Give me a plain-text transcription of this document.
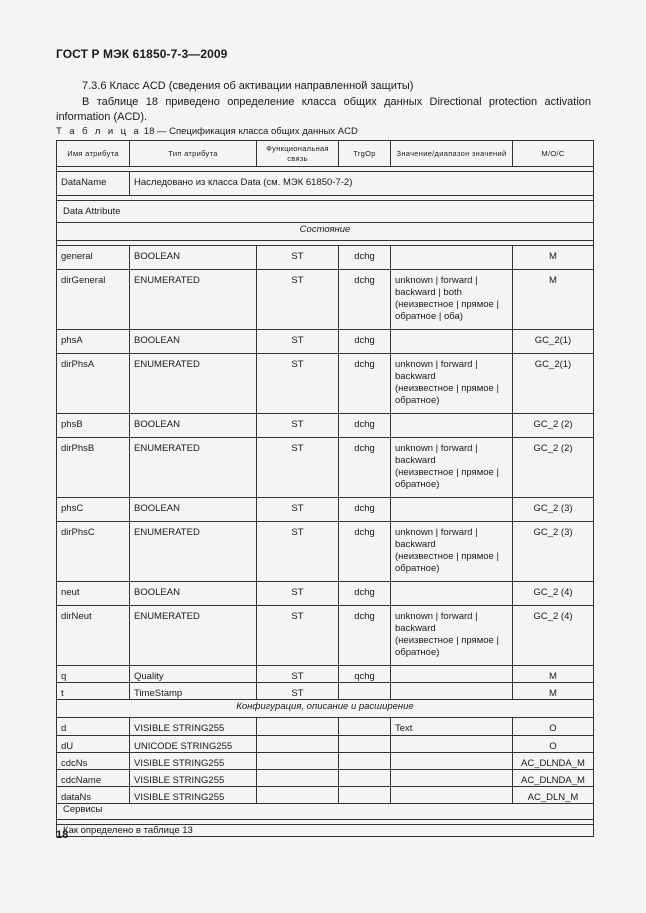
ГОСТ Р МЭК 61850-7-3—2009
7.3.6 Класс ACD (сведения об активации направленной защиты)
В таблице 18 приведено определение класса общих данных Directional protection activation information (ACD).
Т а б л и ц а 18 — Спецификация класса общих данных ACD
Имя атрибута	Тип атрибута	Функциональная связь	TrgOp	Значение/диапазон значений	M/O/C

DataName	Наследовано из класса Data (см. МЭК 61850-7-2)				

Data Attribute					
Состояние					

general	BOOLEAN	ST	dchg		M
dirGeneral	ENUMERATED	ST	dchg	unknown | forward |
backward | both
(неизвестное | прямое |
обратное | оба)	M
phsA	BOOLEAN	ST	dchg		GC_2(1)
dirPhsA	ENUMERATED	ST	dchg	unknown | forward |
backward
(неизвестное | прямое |
обратное)	GC_2(1)
phsB	BOOLEAN	ST	dchg		GC_2 (2)
dirPhsB	ENUMERATED	ST	dchg	unknown | forward |
backward
(неизвестное | прямое |
обратное)	GC_2 (2)
phsC	BOOLEAN	ST	dchg		GC_2 (3)
dirPhsC	ENUMERATED	ST	dchg	unknown | forward |
backward
(неизвестное | прямое |
обратное)	GC_2 (3)
neut	BOOLEAN	ST	dchg		GC_2 (4)
dirNeut	ENUMERATED	ST	dchg	unknown | forward |
backward
(неизвестное | прямое |
обратное)	GC_2 (4)
q	Quality	ST	qchg		M
t	TimeStamp	ST			M
Конфигурация, описание и расширение					
d	VISIBLE STRING255			Text	O
dU	UNICODE STRING255				O
cdcNs	VISIBLE STRING255				AC_DLNDA_M
cdcName	VISIBLE STRING255				AC_DLNDA_M
dataNs	VISIBLE STRING255				AC_DLN_M
Сервисы					

Как определено в таблице 13					
18
